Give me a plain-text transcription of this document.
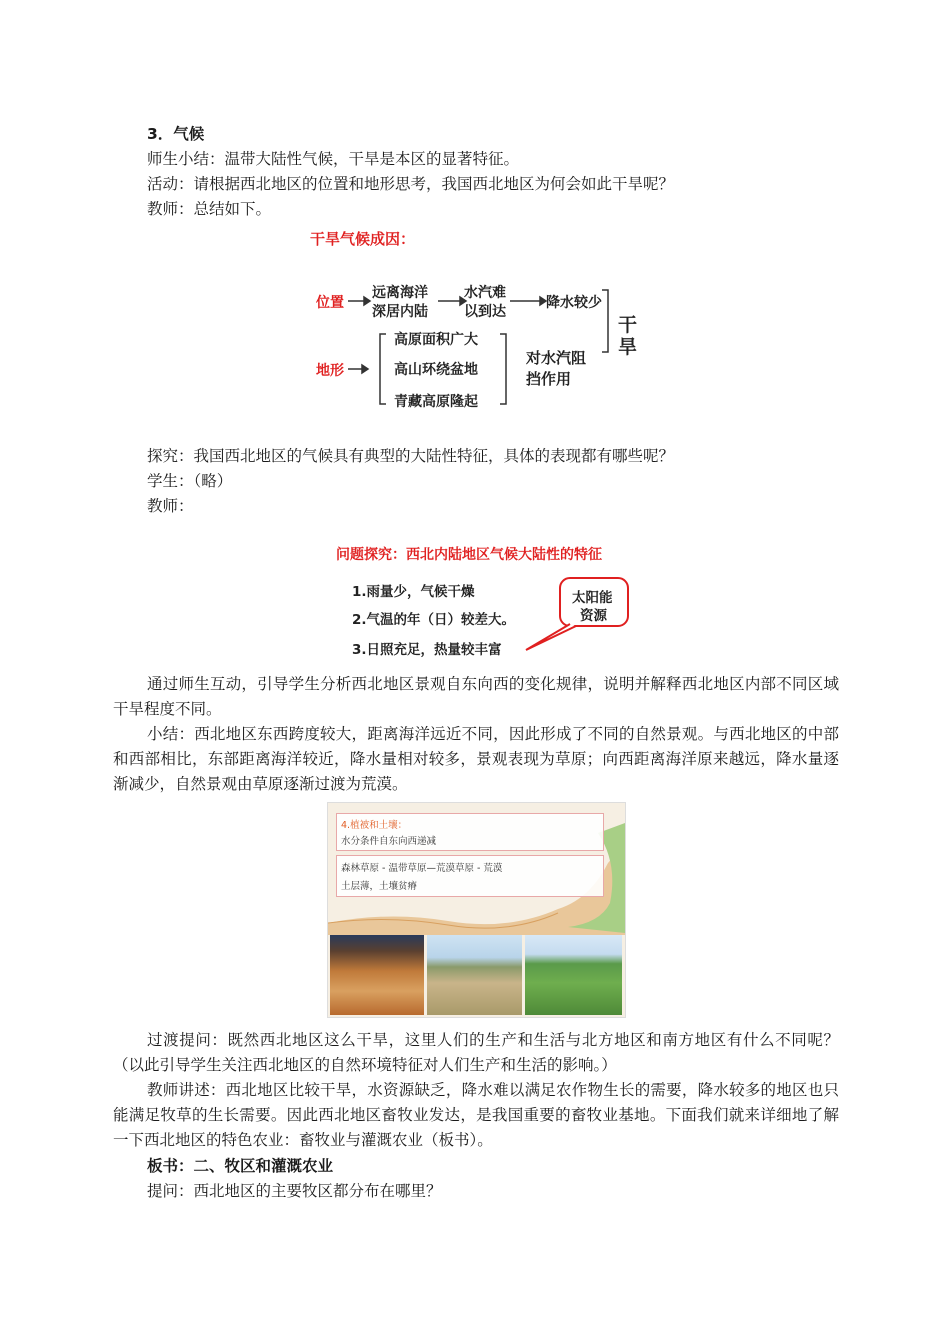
3．气候
师生小结：温带大陆性气候，干旱是本区的显著特征。
活动：请根据西北地区的位置和地形思考，我国西北地区为何会如此干旱呢？
教师：总结如下。
干旱气候成因：
位置
地形
远离海洋
深居内陆
水汽难
以到达
降水较少
高原面积广大
高山环绕盆地
青藏高原隆起
对水汽阻
挡作用
干
旱
探究：我国西北地区的气候具有典型的大陆性特征，具体的表现都有哪些呢？
学生：（略）
教师：
问题探究：西北内陆地区气候大陆性的特征
1.雨量少，气候干燥
2.气温的年（日）较差大。
3.日照充足，热量较丰富
太阳能
资源
通过师生互动，引导学生分析西北地区景观自东向西的变化规律，说明并解释西北地区内部不同区域干旱程度不同。
小结：西北地区东西跨度较大，距离海洋远近不同，因此形成了不同的自然景观。与西北地区的中部和西部相比，东部距离海洋较近，降水量相对较多，景观表现为草原；向西距离海洋原来越远，降水量逐渐减少，自然景观由草原逐渐过渡为荒漠。
4.植被和土壤：
水分条件自东向西递减
森林草原 - 温带草原—荒漠草原 - 荒漠
土层薄，土壤贫瘠
过渡提问：既然西北地区这么干旱，这里人们的生产和生活与北方地区和南方地区有什么不同呢？（以此引导学生关注西北地区的自然环境特征对人们生产和生活的影响。）
教师讲述：西北地区比较干旱，水资源缺乏，降水难以满足农作物生长的需要，降水较多的地区也只能满足牧草的生长需要。因此西北地区畜牧业发达，是我国重要的畜牧业基地。下面我们就来详细地了解一下西北地区的特色农业：畜牧业与灌溉农业（板书）。
板书：二、牧区和灌溉农业
提问：西北地区的主要牧区都分布在哪里？
